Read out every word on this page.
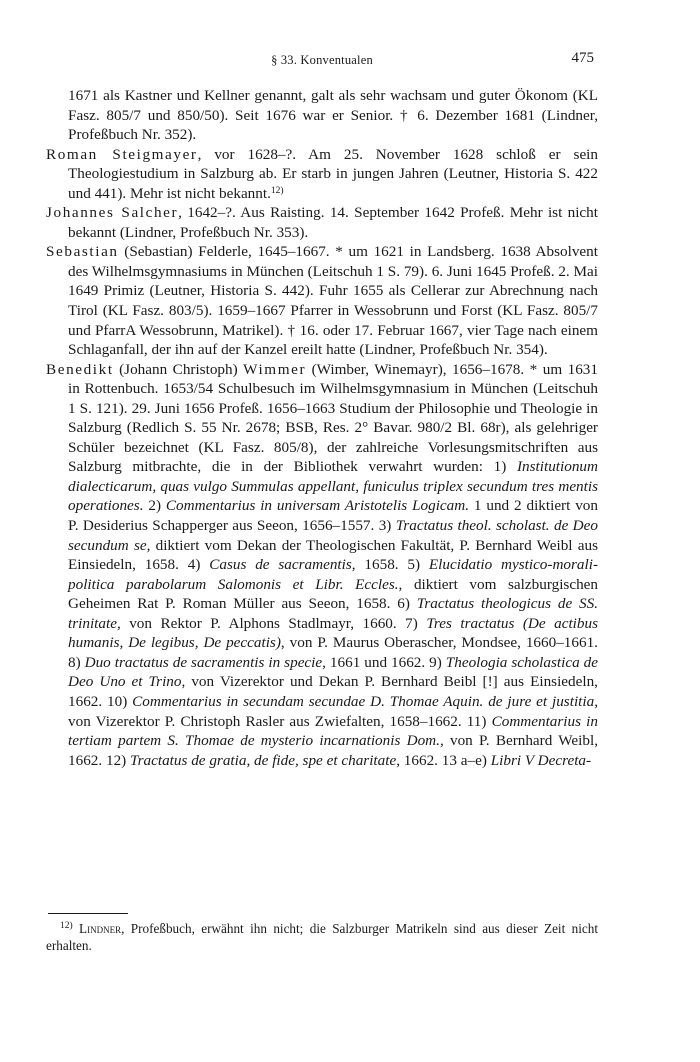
§ 33. Konventualen	475

1671 als Kastner und Kellner genannt, galt als sehr wachsam und guter Ökonom (KL Fasz. 805/7 und 850/50). Seit 1676 war er Senior. † 6. Dezember 1681 (Lindner, Profeßbuch Nr. 352).

Roman Steigmayer, vor 1628–?. Am 25. November 1628 schloß er sein Theologiestudium in Salzburg ab. Er starb in jungen Jahren (Leutner, Historia S. 422 und 441). Mehr ist nicht bekannt.$^{12)}$

Johannes Salcher, 1642–?. Aus Raisting. 14. September 1642 Profeß. Mehr ist nicht bekannt (Lindner, Profeßbuch Nr. 353).

Sebastian (Sebastian) Felderle, 1645–1667. * um 1621 in Landsberg. 1638 Absolvent des Wilhelmsgymnasiums in München (Leitschuh 1 S. 79). 6. Juni 1645 Profeß. 2. Mai 1649 Primiz (Leutner, Historia S. 442). Fuhr 1655 als Cellerar zur Abrechnung nach Tirol (KL Fasz. 803/5). 1659–1667 Pfarrer in Wessobrunn und Forst (KL Fasz. 805/7 und PfarrA Wessobrunn, Matrikel). † 16. oder 17. Februar 1667, vier Tage nach einem Schlaganfall, der ihn auf der Kanzel ereilt hatte (Lindner, Profeßbuch Nr. 354).

Benedikt (Johann Christoph) Wimmer (Wimber, Winemayr), 1656–1678. * um 1631 in Rottenbuch. 1653/54 Schulbesuch im Wilhelmsgymnasium in München (Leitschuh 1 S. 121). 29. Juni 1656 Profeß. 1656–1663 Studium der Philosophie und Theologie in Salzburg (Redlich S. 55 Nr. 2678; BSB, Res. 2° Bavar. 980/2 Bl. 68r), als gelehriger Schüler bezeichnet (KL Fasz. 805/8), der zahlreiche Vorlesungsmitschriften aus Salzburg mitbrachte, die in der Bibliothek verwahrt wurden: 1) Institutionum dialecticarum, quas vulgo Summulas appellant, funiculus triplex secundum tres mentis operationes. 2) Commentarius in universam Aristotelis Logicam. 1 und 2 diktiert von P. Desiderius Schapperger aus Seeon, 1656–1557. 3) Tractatus theol. scholast. de Deo secundum se, diktiert vom Dekan der Theologischen Fakultät, P. Bernhard Weibl aus Einsiedeln, 1658. 4) Casus de sacramentis, 1658. 5) Elucidatio mystico-morali-politica parabolarum Salomonis et Libr. Eccles., diktiert vom salzburgischen Geheimen Rat P. Roman Müller aus Seeon, 1658. 6) Tractatus theologicus de SS. trinitate, von Rektor P. Alphons Stadlmayr, 1660. 7) Tres tractatus (De actibus humanis, De legibus, De peccatis), von P. Maurus Oberascher, Mondsee, 1660–1661. 8) Duo tractatus de sacramentis in specie, 1661 und 1662. 9) Theologia scholastica de Deo Uno et Trino, von Vizerektor und Dekan P. Bernhard Beibl [!] aus Einsiedeln, 1662. 10) Commentarius in secundam secundae D. Thomae Aquin. de jure et justitia, von Vizerektor P. Christoph Rasler aus Zwiefalten, 1658–1662. 11) Commentarius in tertiam partem S. Thomae de mysterio incarnationis Dom., von P. Bernhard Weibl, 1662. 12) Tractatus de gratia, de fide, spe et charitate, 1662. 13 a–e) Libri V Decreta-

$^{12)}$ Lindner, Profeßbuch, erwähnt ihn nicht; die Salzburger Matrikeln sind aus dieser Zeit nicht erhalten.
